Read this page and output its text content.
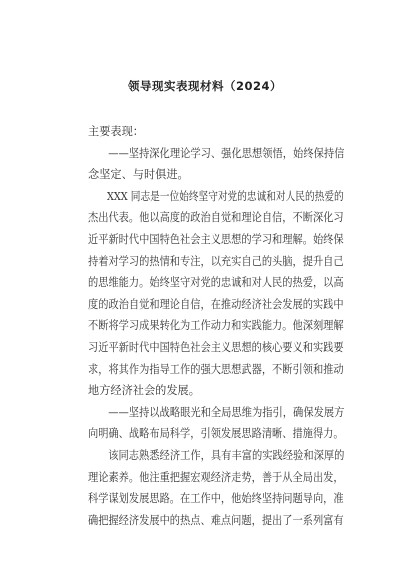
领导现实表现材料（2024）
主要表现：
——坚持深化理论学习、强化思想领悟，始终保持信
念坚定、与时俱进。
XXX 同志是一位始终坚守对党的忠诚和对人民的热爱的
杰出代表。他以高度的政治自觉和理论自信，不断深化习
近平新时代中国特色社会主义思想的学习和理解。始终保
持着对学习的热情和专注，以充实自己的头脑，提升自己
的思维能力。始终坚守对党的忠诚和对人民的热爱，以高
度的政治自觉和理论自信，在推动经济社会发展的实践中
不断将学习成果转化为工作动力和实践能力。他深刻理解
习近平新时代中国特色社会主义思想的核心要义和实践要
求，将其作为指导工作的强大思想武器，不断引领和推动
地方经济社会的发展。
——坚持以战略眼光和全局思维为指引，确保发展方
向明确、战略布局科学，引领发展思路清晰、措施得力。
该同志熟悉经济工作，具有丰富的实践经验和深厚的
理论素养。他注重把握宏观经济走势，善于从全局出发，
科学谋划发展思路。在工作中，他始终坚持问题导向，准
确把握经济发展中的热点、难点问题，提出了一系列富有
